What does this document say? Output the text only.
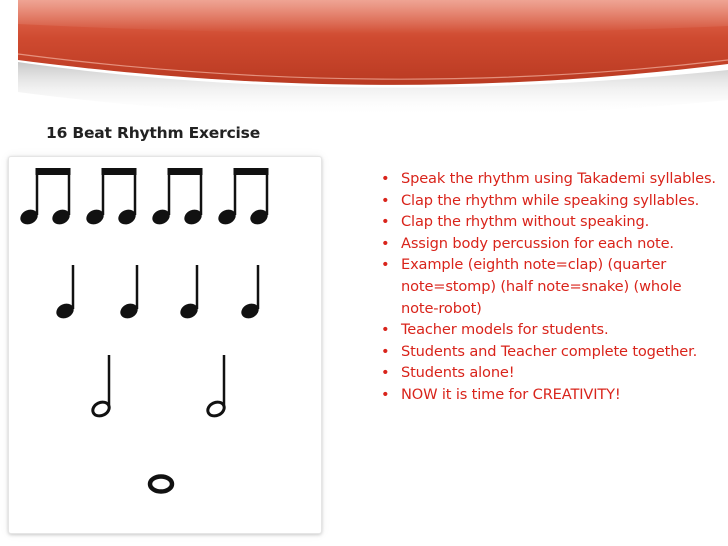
16 Beat Rhythm Exercise
• Speak the rhythm using Takademi syllables.
• Clap the rhythm while speaking syllables.
• Clap the rhythm without speaking.
• Assign body percussion for each note.
• Example (eighth note=clap) (quarter note=stomp) (half note=snake) (whole note-robot)
• Teacher models for students.
• Students and Teacher complete together.
• Students alone!
• NOW it is time for CREATIVITY!
